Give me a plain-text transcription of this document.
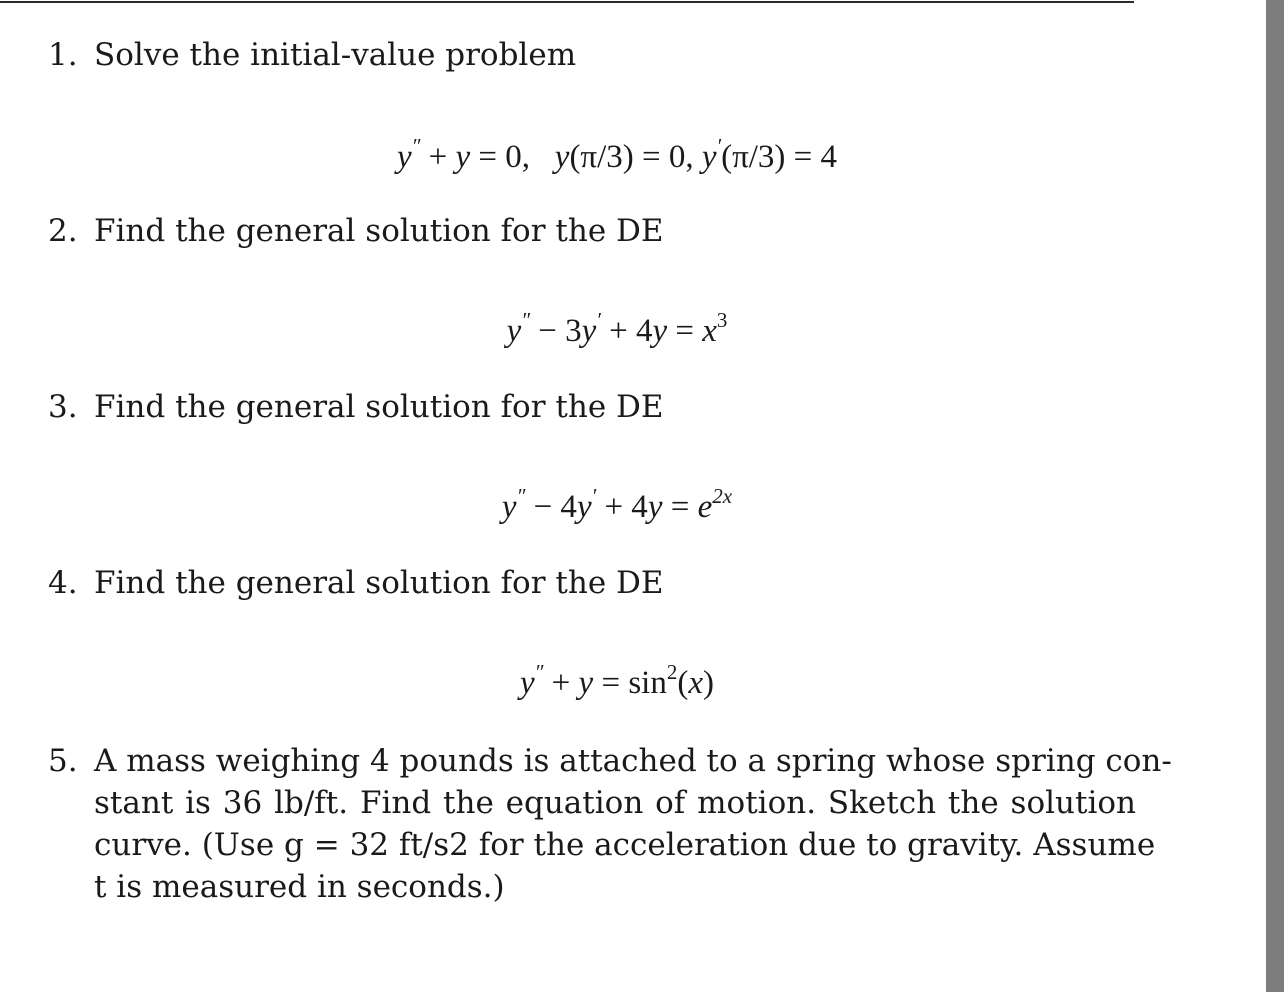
1. Solve the initial-value problem
y″ + y = 0, y(π/3) = 0, y′(π/3) = 4
2. Find the general solution for the DE
$y'' - 3y' + 4y = x^3$
3. Find the general solution for the DE
$y'' - 4y' + 4y = e^{2x}$
4. Find the general solution for the DE
$y'' + y = \sin^2(x)$
5. A mass weighing 4 pounds is attached to a spring whose spring con-
stant is 36 lb/ft. Find the equation of motion. Sketch the solution
curve. (Use g = 32 ft/s2 for the acceleration due to gravity. Assume
t is measured in seconds.)
